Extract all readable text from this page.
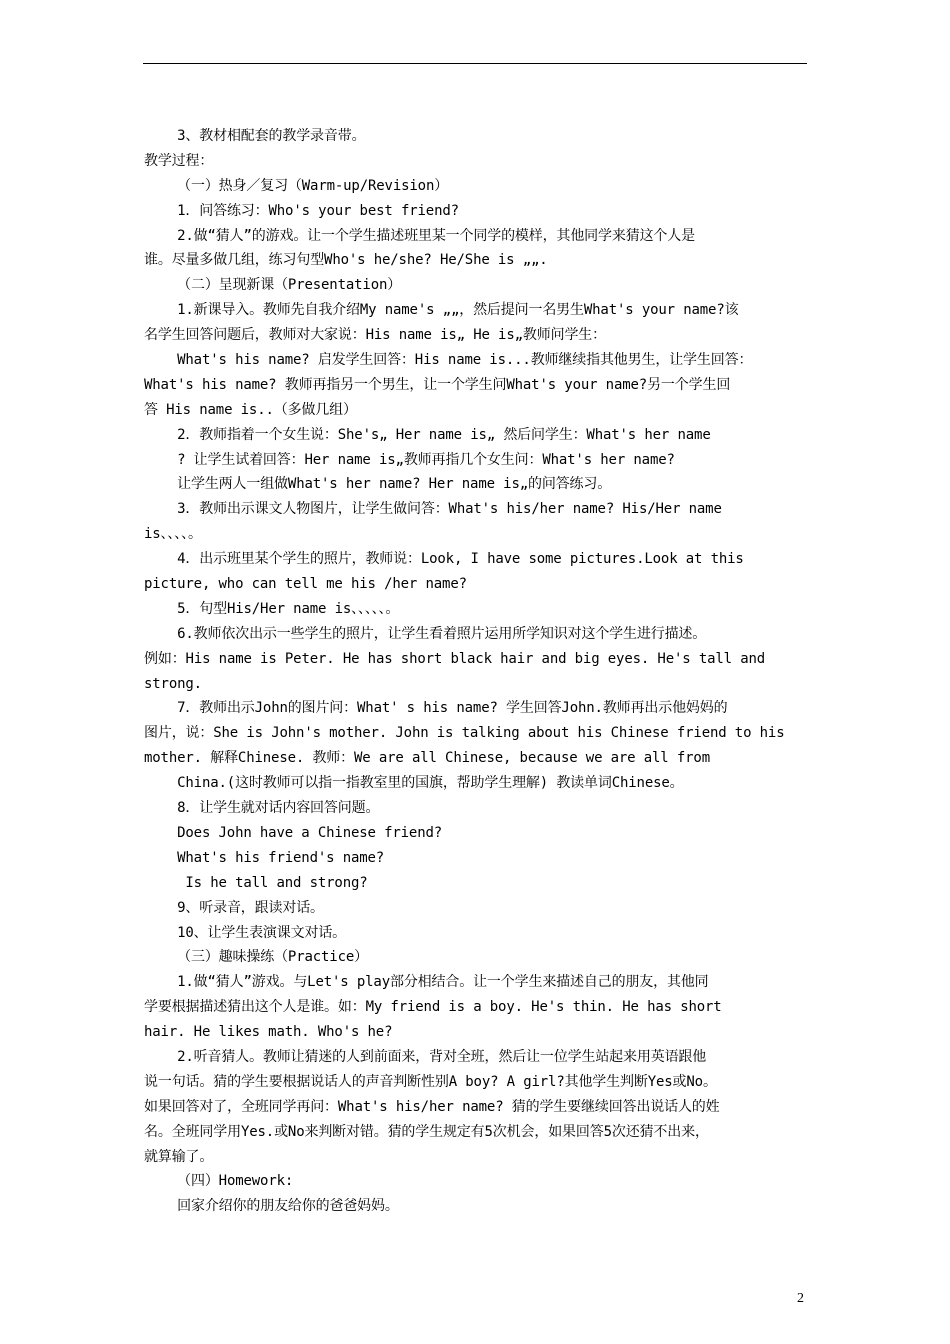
3、教材相配套的教学录音带。

教学过程：

（一）热身／复习（Warm-up/Revision）

1．问答练习：Who's your best friend?

2.做“猜人”的游戏。让一个学生描述班里某一个同学的模样，其他同学来猜这个人是

谁。尽量多做几组，练习句型Who's he/she? He/She is „„.

（二）呈现新课（Presentation）

1.新课导入。教师先自我介绍My name's „„，然后提问一名男生What's your name?该

名学生回答问题后，教师对大家说：His name is„ He is„教师问学生：

What's his name? 启发学生回答：His name is...教师继续指其他男生，让学生回答：

What's his name? 教师再指另一个男生，让一个学生问What's your name?另一个学生回

答 His name is..（多做几组）

2．教师指着一个女生说：She's„ Her name is„ 然后问学生：What's her name

? 让学生试着回答：Her name is„教师再指几个女生问：What's her name?

让学生两人一组做What's her name? Her name is„的问答练习。

3．教师出示课文人物图片，让学生做问答：What's his/her name? His/Her name

is、、、、。

4．出示班里某个学生的照片，教师说：Look, I have some pictures.Look at this

picture, who can tell me his /her name?

5．句型His/Her name is、、、、、。

6.教师依次出示一些学生的照片，让学生看着照片运用所学知识对这个学生进行描述。

例如：His name is Peter. He has short black hair and big eyes. He's tall and

strong.

7．教师出示John的图片问：What' s his name? 学生回答John.教师再出示他妈妈的

图片，说：She is John's mother. John is talking about his Chinese friend to his

mother. 解释Chinese. 教师：We are all Chinese, because we are all from

China.(这时教师可以指一指教室里的国旗，帮助学生理解) 教读单词Chinese。

8．让学生就对话内容回答问题。

Does John have a Chinese friend?

What's his friend's name?

Is he tall and strong?

9、听录音，跟读对话。

10、让学生表演课文对话。

（三）趣味操练（Practice）

1.做“猜人”游戏。与Let's play部分相结合。让一个学生来描述自己的朋友，其他同

学要根据描述猜出这个人是谁。如：My friend is a boy. He's thin. He has short

hair. He likes math. Who's he?

2.听音猜人。教师让猜迷的人到前面来，背对全班，然后让一位学生站起来用英语跟他

说一句话。猜的学生要根据说话人的声音判断性别A boy? A girl?其他学生判断Yes或No。

如果回答对了，全班同学再问：What's his/her name? 猜的学生要继续回答出说话人的姓

名。全班同学用Yes.或No来判断对错。猜的学生规定有5次机会，如果回答5次还猜不出来，

就算输了。

（四）Homework:

回家介绍你的朋友给你的爸爸妈妈。

2
